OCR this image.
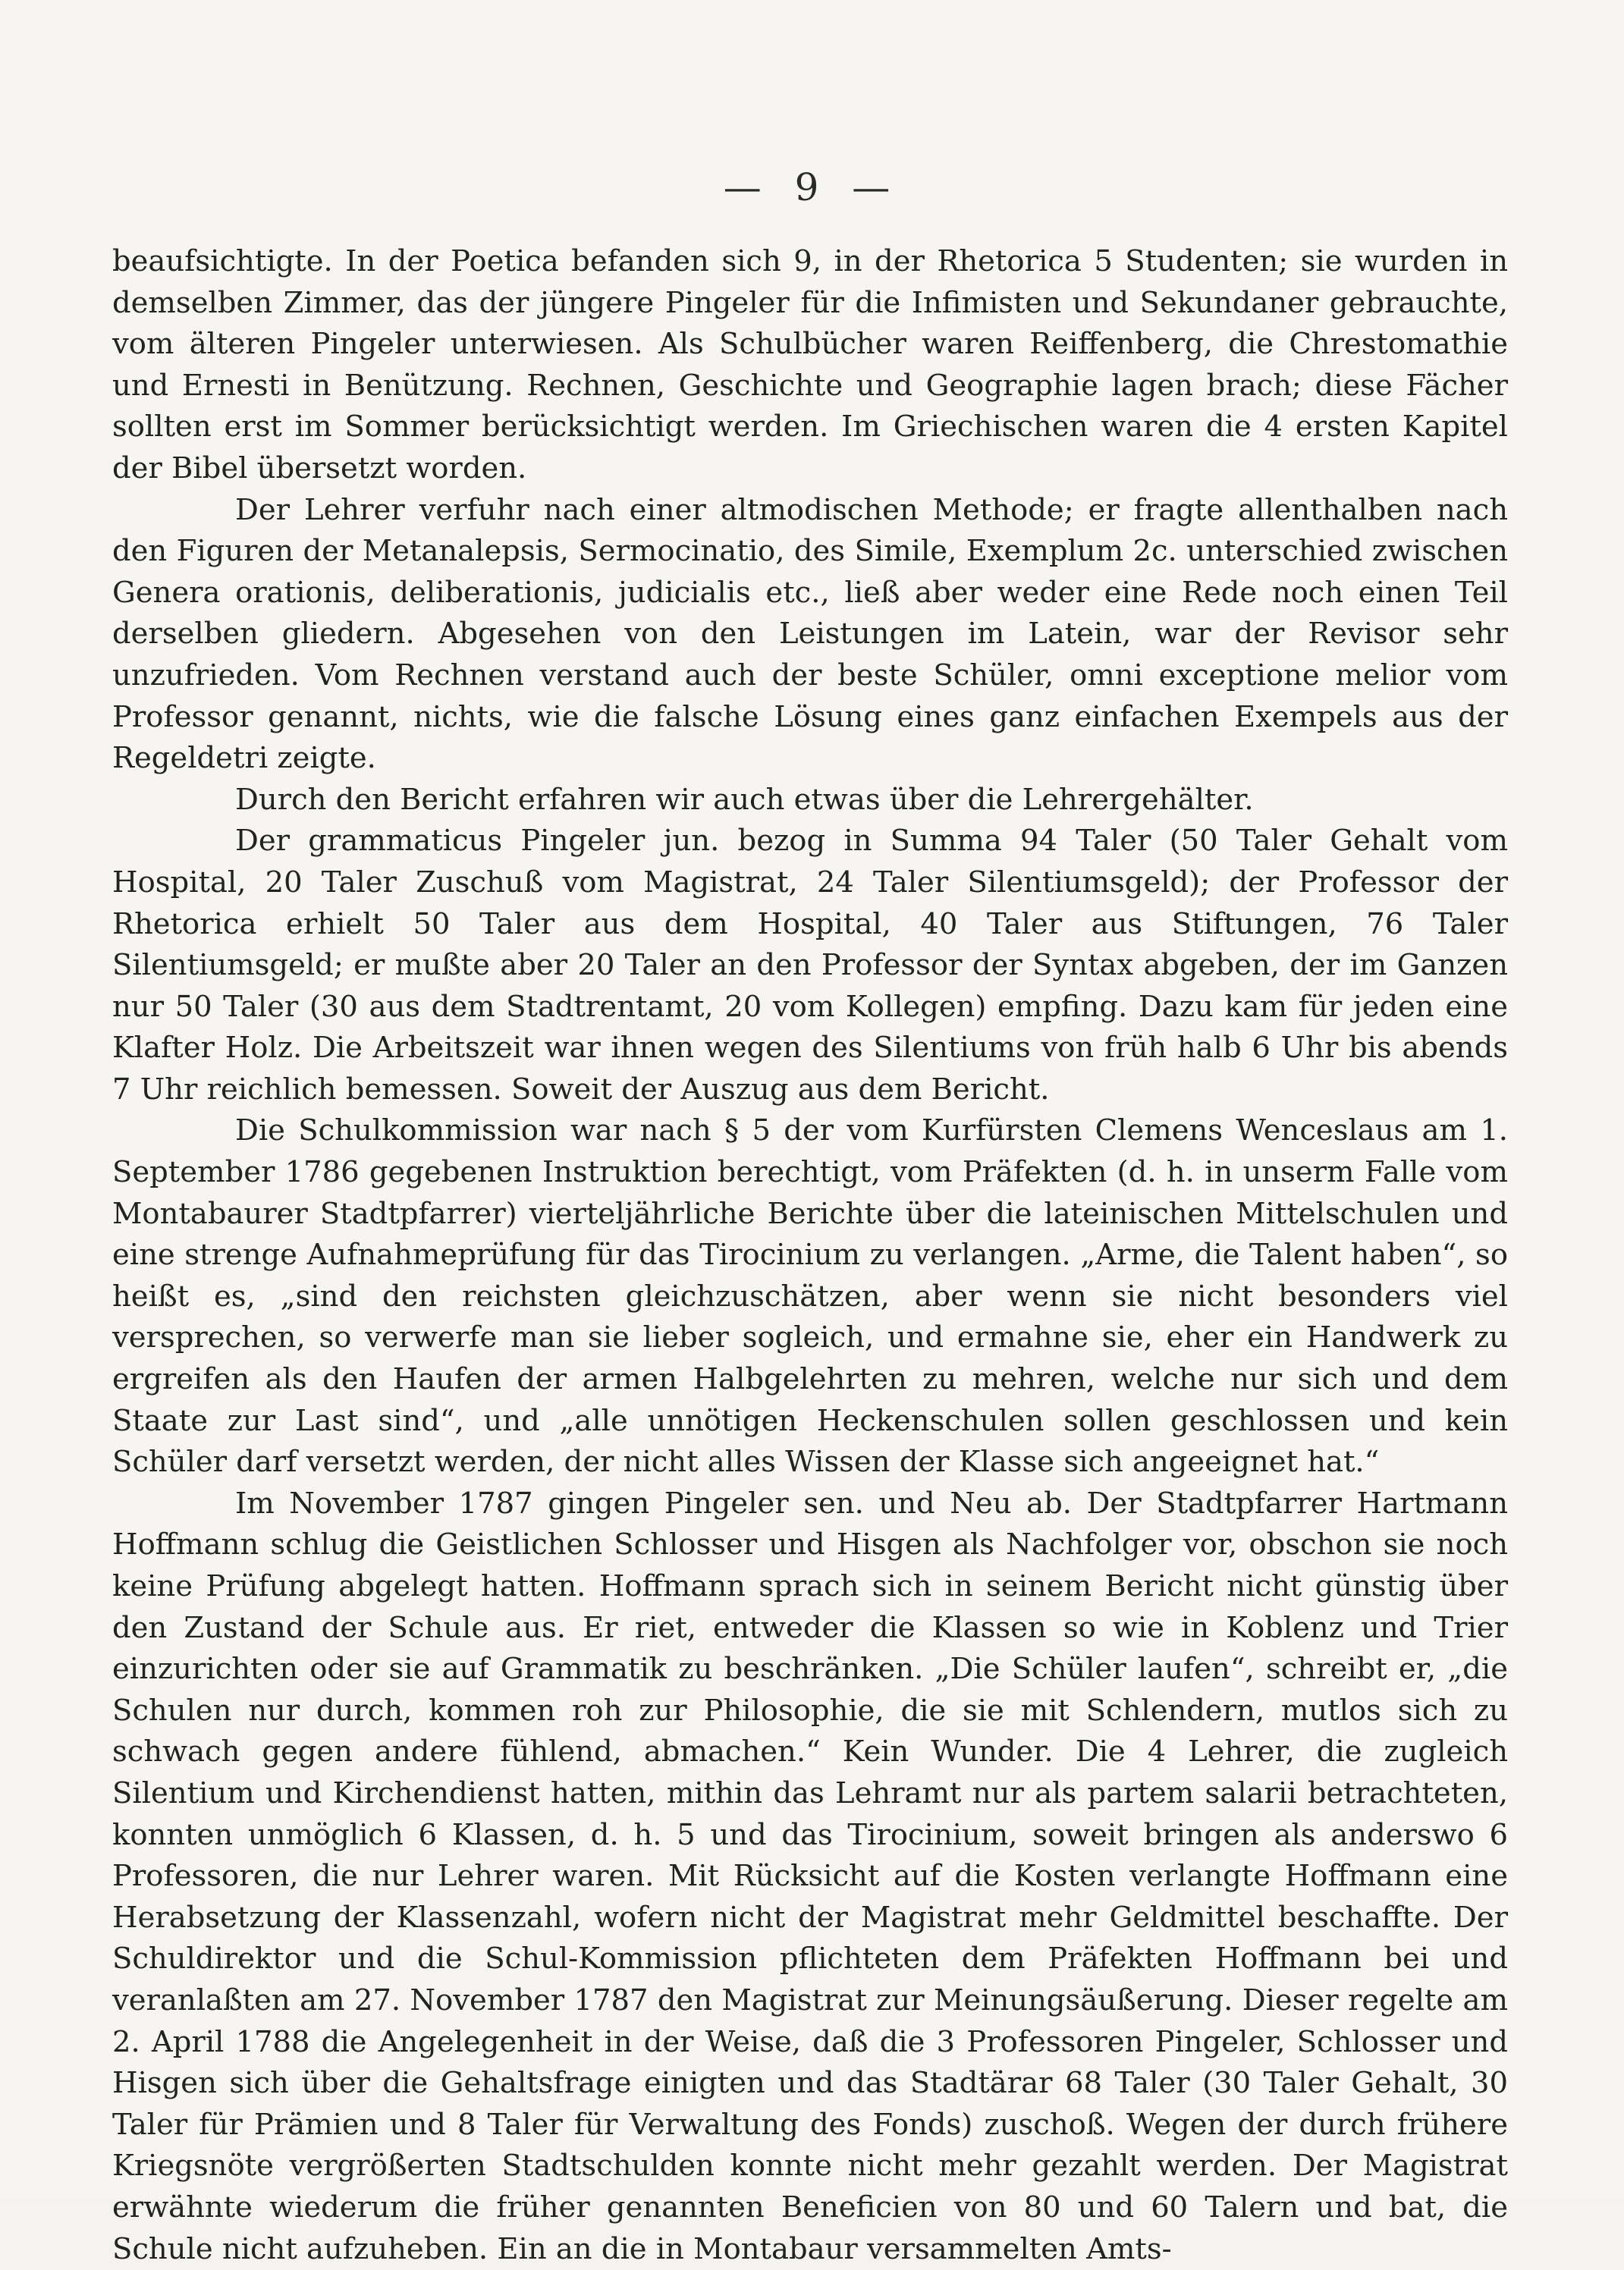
— 9 —

beaufsichtigte. In der Poetica befanden sich 9, in der Rhetorica 5 Studenten; sie wurden in demselben Zimmer, das der jüngere Pingeler für die Infimisten und Sekundaner gebrauchte, vom älteren Pingeler unterwiesen. Als Schulbücher waren Reiffenberg, die Chrestomathie und Ernesti in Benützung. Rechnen, Geschichte und Geographie lagen brach; diese Fächer sollten erst im Sommer berücksichtigt werden. Im Griechischen waren die 4 ersten Kapitel der Bibel übersetzt worden.

Der Lehrer verfuhr nach einer altmodischen Methode; er fragte allenthalben nach den Figuren der Metanalepsis, Sermocinatio, des Simile, Exemplum 2c. unterschied zwischen Genera orationis, deliberationis, judicialis etc., ließ aber weder eine Rede noch einen Teil derselben gliedern. Abgesehen von den Leistungen im Latein, war der Revisor sehr unzufrieden. Vom Rechnen verstand auch der beste Schüler, omni exceptione melior vom Professor genannt, nichts, wie die falsche Lösung eines ganz einfachen Exempels aus der Regeldetri zeigte.

Durch den Bericht erfahren wir auch etwas über die Lehrergehälter.

Der grammaticus Pingeler jun. bezog in Summa 94 Taler (50 Taler Gehalt vom Hospital, 20 Taler Zuschuß vom Magistrat, 24 Taler Silentiumsgeld); der Professor der Rhetorica erhielt 50 Taler aus dem Hospital, 40 Taler aus Stiftungen, 76 Taler Silentiumsgeld; er mußte aber 20 Taler an den Professor der Syntax abgeben, der im Ganzen nur 50 Taler (30 aus dem Stadtrentamt, 20 vom Kollegen) empfing. Dazu kam für jeden eine Klafter Holz. Die Arbeitszeit war ihnen wegen des Silentiums von früh halb 6 Uhr bis abends 7 Uhr reichlich bemessen. Soweit der Auszug aus dem Bericht.

Die Schulkommission war nach § 5 der vom Kurfürsten Clemens Wenceslaus am 1. September 1786 gegebenen Instruktion berechtigt, vom Präfekten (d. h. in unserm Falle vom Montabaurer Stadtpfarrer) vierteljährliche Berichte über die lateinischen Mittelschulen und eine strenge Aufnahmeprüfung für das Tirocinium zu verlangen. „Arme, die Talent haben“, so heißt es, „sind den reichsten gleichzuschätzen, aber wenn sie nicht besonders viel versprechen, so verwerfe man sie lieber sogleich, und ermahne sie, eher ein Handwerk zu ergreifen als den Haufen der armen Halbgelehrten zu mehren, welche nur sich und dem Staate zur Last sind“, und „alle unnötigen Heckenschulen sollen geschlossen und kein Schüler darf versetzt werden, der nicht alles Wissen der Klasse sich angeeignet hat.“

Im November 1787 gingen Pingeler sen. und Neu ab. Der Stadtpfarrer Hartmann Hoffmann schlug die Geistlichen Schlosser und Hisgen als Nachfolger vor, obschon sie noch keine Prüfung abgelegt hatten. Hoffmann sprach sich in seinem Bericht nicht günstig über den Zustand der Schule aus. Er riet, entweder die Klassen so wie in Koblenz und Trier einzurichten oder sie auf Grammatik zu beschränken. „Die Schüler laufen“, schreibt er, „die Schulen nur durch, kommen roh zur Philosophie, die sie mit Schlendern, mutlos sich zu schwach gegen andere fühlend, abmachen.“ Kein Wunder. Die 4 Lehrer, die zugleich Silentium und Kirchendienst hatten, mithin das Lehramt nur als partem salarii betrachteten, konnten unmöglich 6 Klassen, d. h. 5 und das Tirocinium, soweit bringen als anderswo 6 Professoren, die nur Lehrer waren. Mit Rücksicht auf die Kosten verlangte Hoffmann eine Herabsetzung der Klassenzahl, wofern nicht der Magistrat mehr Geldmittel beschaffte. Der Schuldirektor und die Schul-Kommission pflichteten dem Präfekten Hoffmann bei und veranlaßten am 27. November 1787 den Magistrat zur Meinungsäußerung. Dieser regelte am 2. April 1788 die Angelegenheit in der Weise, daß die 3 Professoren Pingeler, Schlosser und Hisgen sich über die Gehaltsfrage einigten und das Stadtärar 68 Taler (30 Taler Gehalt, 30 Taler für Prämien und 8 Taler für Verwaltung des Fonds) zuschoß. Wegen der durch frühere Kriegsnöte vergrößerten Stadtschulden konnte nicht mehr gezahlt werden. Der Magistrat erwähnte wiederum die früher genannten Beneficien von 80 und 60 Talern und bat, die Schule nicht aufzuheben. Ein an die in Montabaur versammelten Amts-
